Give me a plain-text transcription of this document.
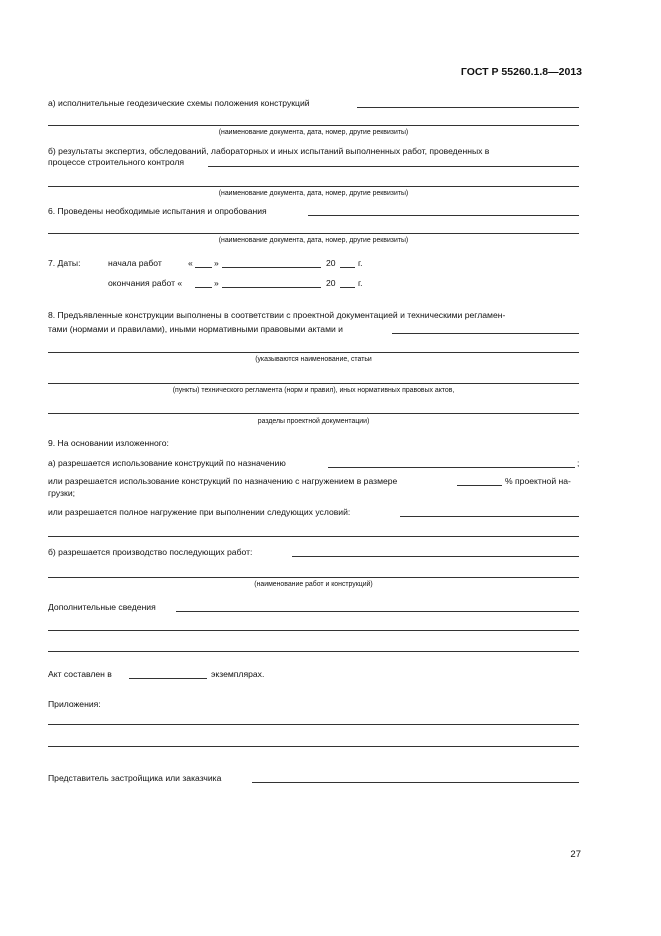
ГОСТ Р 55260.1.8—2013
а) исполнительные геодезические схемы положения конструкций
(наименование документа, дата, номер, другие реквизиты)
б) результаты экспертиз, обследований, лабораторных и иных испытаний выполненных работ, проведенных в
процессе строительного контроля
(наименование документа, дата, номер, другие реквизиты)
6. Проведены необходимые испытания и опробования
(наименование документа, дата, номер, другие реквизиты)
7. Даты:	начала работ	« »	20	г.
окончания работ «	»	20	г.
8. Предъявленные конструкции выполнены в соответствии с проектной документацией и техническими регламен-
тами (нормами и правилами), иными нормативными правовыми актами и
(указываются наименование, статьи
(пункты) технического регламента (норм и правил), иных нормативных правовых актов,
разделы проектной документации)
9. На основании изложенного:
а) разрешается использование конструкций по назначению	;
или разрешается использование конструкций по назначению с нагружением в размере	% проектной на-
грузки;
или разрешается полное нагружение при выполнении следующих условий:
б) разрешается производство последующих работ:
(наименование работ и конструкций)
Дополнительные сведения
Акт составлен в	экземплярах.
Приложения:
Представитель застройщика или заказчика
27
